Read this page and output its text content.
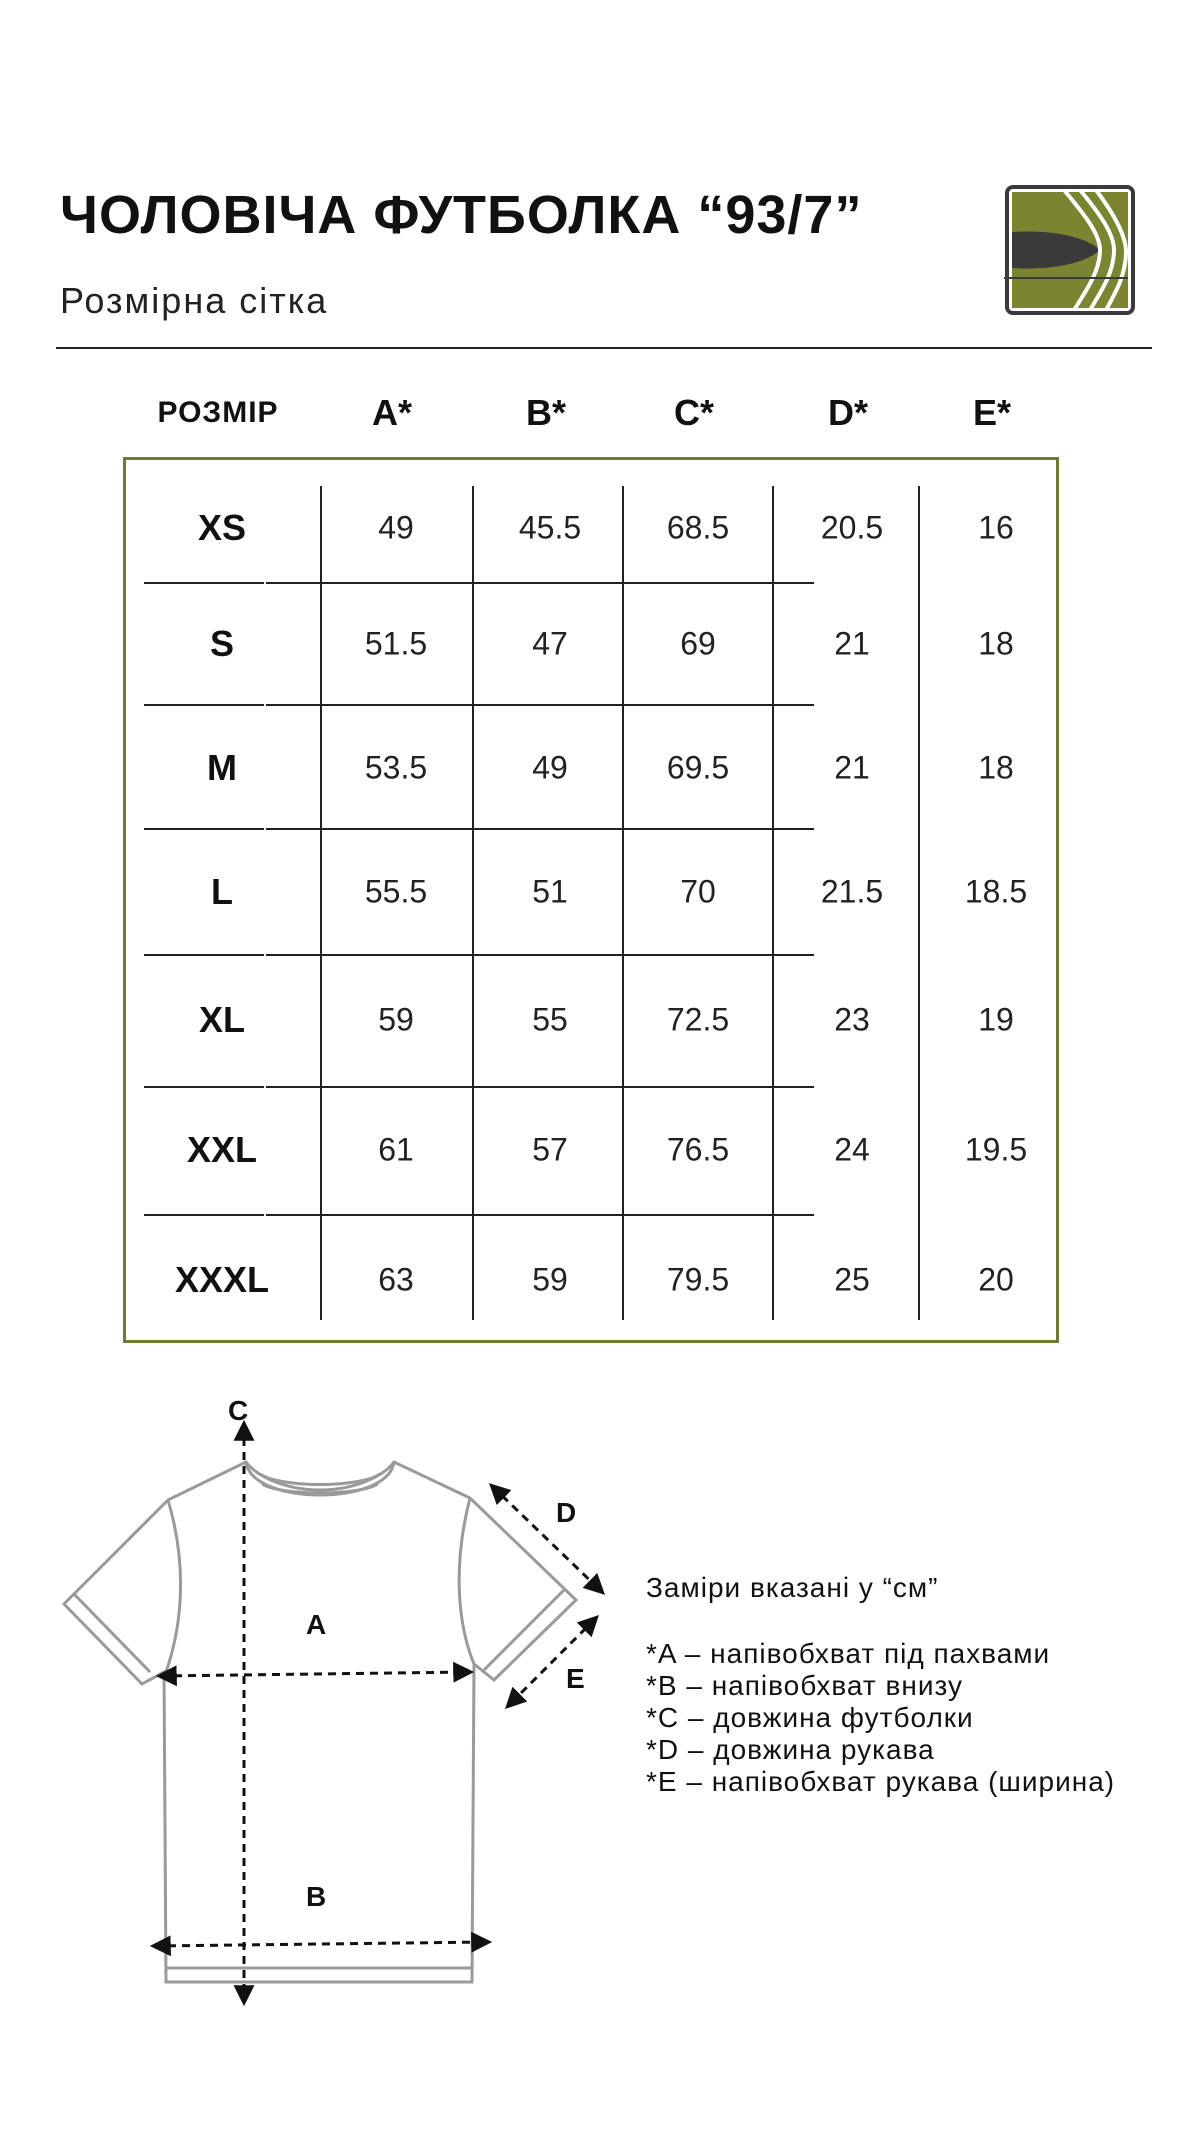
ЧОЛОВІЧА ФУТБОЛКА “93/7”
Розмірна сітка
РОЗМІР	A*	B*	C*	D*	E*
XS	49	45.5	68.5	20.5	16
S	51.5	47	69	21	18
M	53.5	49	69.5	21	18
L	55.5	51	70	21.5	18.5
XL	59	55	72.5	23	19
XXL	61	57	76.5	24	19.5
XXXL	63	59	79.5	25	20
C
A
B
D
E
Заміри вказані у “см”
*A – напівобхват під пахвами
*B – напівобхват внизу
*C – довжина футболки
*D – довжина рукава
*E – напівобхват рукава (ширина)
